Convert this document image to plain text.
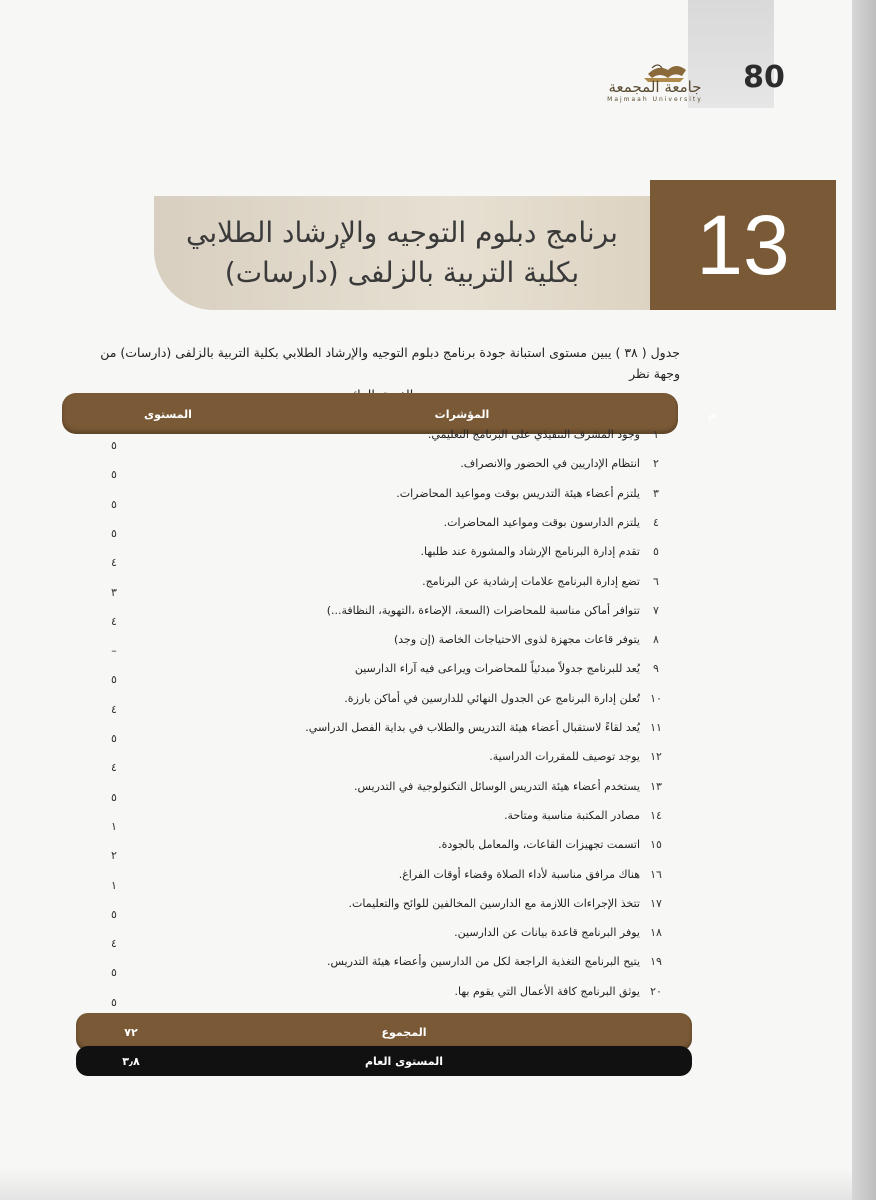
80
جامعة المجمعة
Majmaah University
13
برنامج دبلوم التوجيه والإرشاد الطلابي
بكلية التربية بالزلفى (دارسات)
جدول ( ٣٨ ) يبين مستوى استبانة جودة برنامج دبلوم التوجيه والإرشاد الطلابي بكلية التربية بالزلفى (دارسات) من وجهة نظر
م
المؤشرات
المستوى
١
وجود المشرف التنفيذي على البرنامج التعليمي.
٥
٢
انتظام الإداريين في الحضور والانصراف.
٥
٣
يلتزم أعضاء هيئة التدريس بوقت ومواعيد المحاضرات.
٥
٤
يلتزم الدارسون بوقت ومواعيد المحاضرات.
٥
٥
تقدم إدارة البرنامج الإرشاد والمشورة عند طلبها.
٤
٦
تضع إدارة البرنامج علامات إرشادية عن البرنامج.
٣
٧
تتوافر أماكن مناسبة للمحاضرات (السعة، الإضاءة ،التهوية، النظافة...)
٤
٨
يتوفر قاعات مجهزة لذوى الاحتياجات الخاصة (إن وجد)
–
٩
يُعد للبرنامج جدولاً مبدئياً للمحاضرات ويراعى فيه آراء الدارسين
٥
١٠
تُعلن إدارة البرنامج عن الجدول النهائي للدارسين في أماكن بارزة.
٤
١١
يُعد لقاءً لاستقبال أعضاء هيئة التدريس والطلاب في بداية الفصل الدراسي.
٥
١٢
يوجد توصيف للمقررات الدراسية.
٤
١٣
يستخدم أعضاء هيئة التدريس الوسائل التكنولوجية في التدريس.
٥
١٤
مصادر المكتبة مناسبة ومتاحة.
١
١٥
اتسمت تجهيزات القاعات، والمعامل بالجودة.
٢
١٦
هناك مرافق مناسبة لأداء الصلاة وقضاء أوقات الفراغ.
١
١٧
تتخذ الإجراءات اللازمة مع الدارسين المخالفين للوائح والتعليمات.
٥
١٨
يوفر البرنامج قاعدة بيانات عن الدارسين.
٤
١٩
يتيح البرنامج التغذية الراجعة لكل من الدارسين وأعضاء هيئة التدريس.
٥
٢٠
يوثق البرنامج كافة الأعمال التي يقوم بها.
٥
المجموع
٧٢
المستوى العام
٣٫٨
